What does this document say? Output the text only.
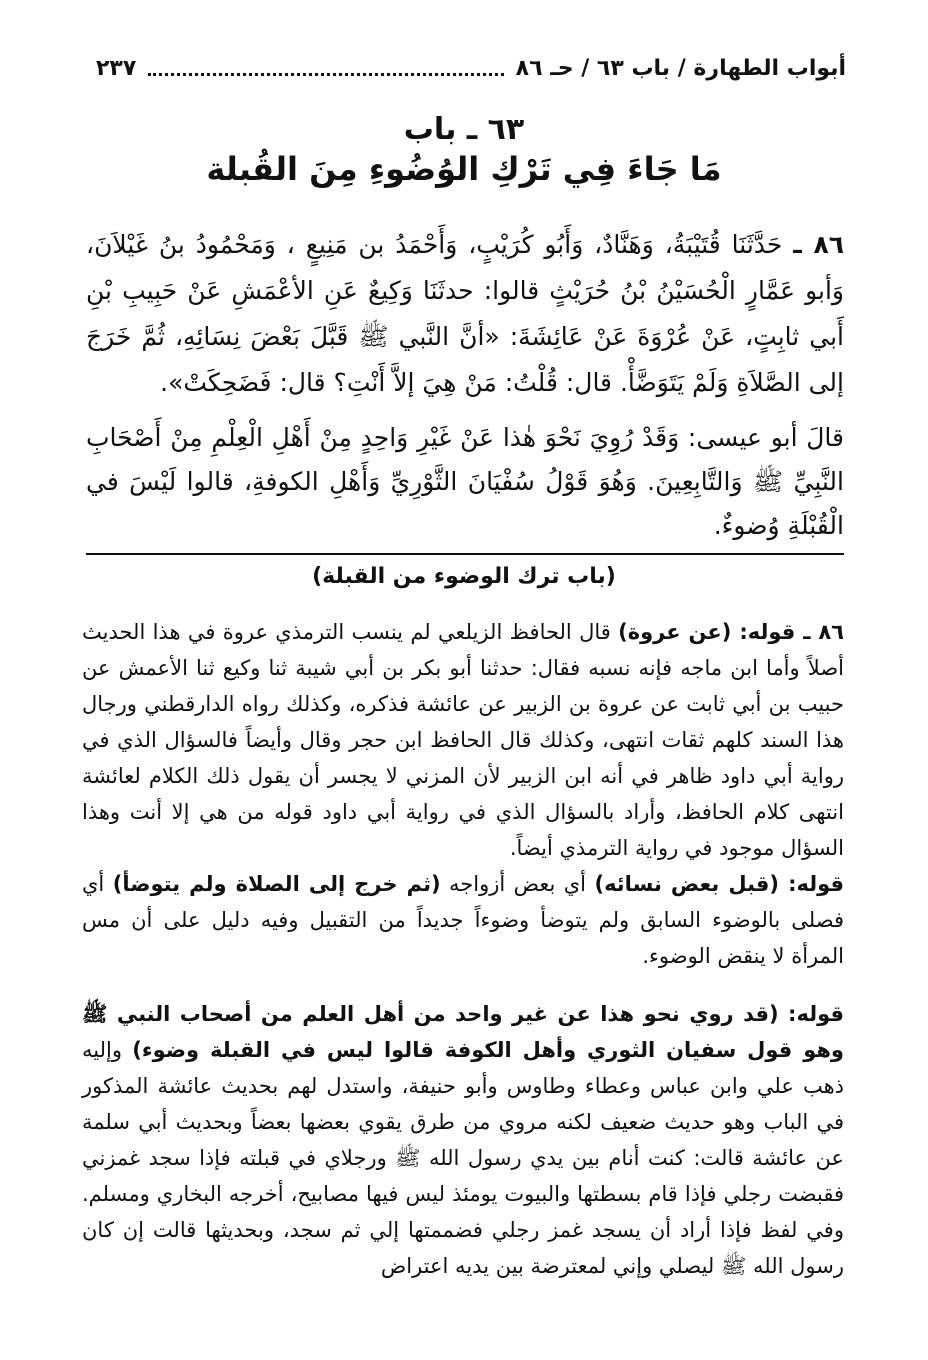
أبواب الطهارة / باب ٦٣ / حـ ٨٦
٢٣٧
٦٣ ـ باب
مَا جَاءَ فِي تَرْكِ الوُضُوءِ مِنَ القُبلة
٨٦ ـ حَدَّثَنَا قُتَيْبَةُ، وَهَنَّادٌ، وَأَبُو كُرَيْبٍ، وَأَحْمَدُ بن مَنِيعٍ ، وَمَحْمُودُ بنُ غَيْلاَنَ، وَأبو عَمَّارٍ الْحُسَيْنُ بْنُ حُرَيْثٍ قالوا: حدثَنَا وَكِيعٌ عَنِ الأعْمَشِ عَنْ حَبِيبِ بْنِ أَبي ثابِتٍ، عَنْ عُرْوَةَ عَنْ عَائِشَةَ: «أنَّ النَّبي ﷺ قَبَّلَ بَعْضَ نِسَائِهِ، ثُمَّ خَرَجَ إلى الصَّلاَةِ وَلَمْ يَتَوَضَّأْ. قال: قُلْتُ: مَنْ هِيَ إلاَّ أَنْتِ؟ قال: فَضَحِكَتْ».
قالَ أبو عيسى: وَقَدْ رُوِيَ نَحْوَ هٰذا عَنْ غَيْرِ وَاحِدٍ مِنْ أَهْلِ الْعِلْمِ مِنْ أَصْحَابِ النَّبِيِّ ﷺ وَالتَّابِعِينَ. وَهُوَ قَوْلُ سُفْيَانَ الثَّوْرِيِّ وَأَهْلِ الكوفةِ، قالوا لَيْسَ في الْقُبْلَةِ وُضوءٌ.
(باب ترك الوضوء من القبلة)
٨٦ ـ قوله: (عن عروة) قال الحافظ الزيلعي لم ينسب الترمذي عروة في هذا الحديث أصلاً وأما ابن ماجه فإنه نسبه فقال: حدثنا أبو بكر بن أبي شيبة ثنا وكيع ثنا الأعمش عن حبيب بن أبي ثابت عن عروة بن الزبير عن عائشة فذكره، وكذلك رواه الدارقطني ورجال هذا السند كلهم ثقات انتهى، وكذلك قال الحافظ ابن حجر وقال وأيضاً فالسؤال الذي في رواية أبي داود ظاهر في أنه ابن الزبير لأن المزني لا يجسر أن يقول ذلك الكلام لعائشة انتهى كلام الحافظ، وأراد بالسؤال الذي في رواية أبي داود قوله من هي إلا أنت وهذا السؤال موجود في رواية الترمذي أيضاً.
قوله: (قبل بعض نسائه) أي بعض أزواجه (ثم خرج إلى الصلاة ولم يتوضأ) أي فصلى بالوضوء السابق ولم يتوضأ وضوءاً جديداً من التقبيل وفيه دليل على أن مس المرأة لا ينقض الوضوء.
قوله: (قد روي نحو هذا عن غير واحد من أهل العلم من أصحاب النبي ﷺ وهو قول سفيان الثوري وأهل الكوفة قالوا ليس في القبلة وضوء) وإليه ذهب علي وابن عباس وعطاء وطاوس وأبو حنيفة، واستدل لهم بحديث عائشة المذكور في الباب وهو حديث ضعيف لكنه مروي من طرق يقوي بعضها بعضاً وبحديث أبي سلمة عن عائشة قالت: كنت أنام بين يدي رسول الله ﷺ ورجلاي في قبلته فإذا سجد غمزني فقبضت رجلي فإذا قام بسطتها والبيوت يومئذ ليس فيها مصابيح، أخرجه البخاري ومسلم. وفي لفظ فإذا أراد أن يسجد غمز رجلي فضممتها إلي ثم سجد، وبحديثها قالت إن كان رسول الله ﷺ ليصلي وإني لمعترضة بين يديه اعتراض
